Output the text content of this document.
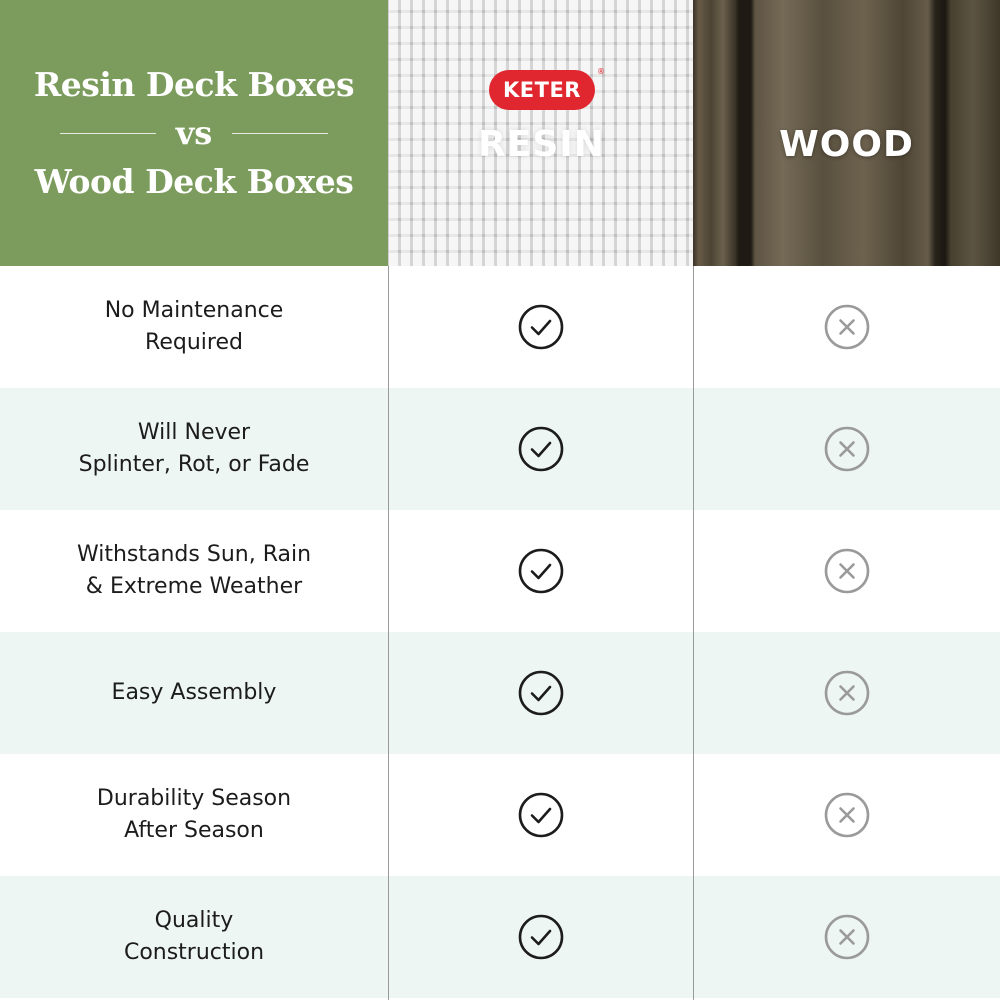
Resin Deck Boxes
vs
Wood Deck Boxes
KETER
®
RESIN	WOOD
No Maintenance
Required
Will Never
Splinter, Rot, or Fade
Withstands Sun, Rain
& Extreme Weather
Easy Assembly
Durability Season
After Season
Quality
Construction
